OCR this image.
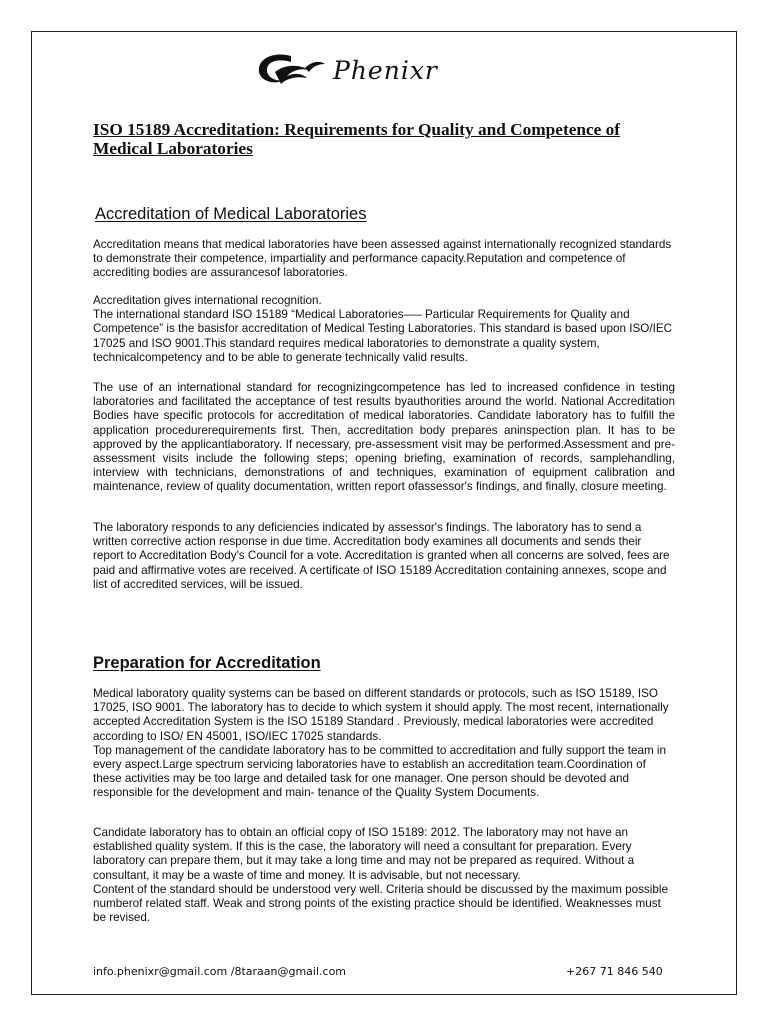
Phenixr
ISO 15189 Accreditation: Requirements for Quality and Competence of Medical Laboratories
Accreditation of Medical Laboratories

Accreditation means that medical laboratories have been assessed against internationally recognized standards to demonstrate their competence, impartiality and performance capacity.Reputation and competence of accrediting bodies are assurancesof laboratories.

Accreditation gives international recognition.
The international standard ISO 15189 “Medical Laboratories—– Particular Requirements for Quality and Competence” is the basisfor accreditation of Medical Testing Laboratories. This standard is based upon ISO/IEC 17025 and ISO 9001.This standard requires medical laboratories to demonstrate a quality system, technicalcompetency and to be able to generate technically valid results.

The use of an international standard for recognizingcompetence has led to increased confidence in testing laboratories and facilitated the acceptance of test results byauthorities around the world. National Accreditation Bodies have specific protocols for accreditation of medical laboratories. Candidate laboratory has to fulfill the application procedurerequirements first. Then, accreditation body prepares aninspection plan. It has to be approved by the applicantlaboratory. If necessary, pre-assessment visit may be performed.Assessment and pre-assessment visits include the following steps; opening briefing, examination of records, samplehandling, interview with technicians, demonstrations of and techniques, examination of equipment calibration and maintenance, review of quality documentation, written report ofassessor's findings, and finally, closure meeting.

The laboratory responds to any deficiencies indicated by assessor's findings. The laboratory has to send a written corrective action response in due time. Accreditation body examines all documents and sends their report to Accreditation Body's Council for a vote. Accreditation is granted when all concerns are solved, fees are paid and affirmative votes are received. A certificate of ISO 15189 Accreditation containing annexes, scope and list of accredited services, will be issued.

Preparation for Accreditation

Medical laboratory quality systems can be based on different standards or protocols, such as ISO 15189, ISO 17025, ISO 9001. The laboratory has to decide to which system it should apply. The most recent, internationally accepted Accreditation System is the ISO 15189 Standard . Previously, medical laboratories were accredited according to ISO/ EN 45001, ISO/IEC 17025 standards.
Top management of the candidate laboratory has to be committed to accreditation and fully support the team in every aspect.Large spectrum servicing laboratories have to establish an accreditation team.Coordination of these activities may be too large and detailed task for one manager. One person should be devoted and responsible for the development and main- tenance of the Quality System Documents.

Candidate laboratory has to obtain an official copy of ISO 15189: 2012. The laboratory may not have an established quality system. If this is the case, the laboratory will need a consultant for preparation. Every laboratory can prepare them, but it may take a long time and may not be prepared as required. Without a consultant, it may be a waste of time and money. It is advisable, but not necessary.
Content of the standard should be understood very well. Criteria should be discussed by the maximum possible numberof related staff. Weak and strong points of the existing practice should be identified. Weaknesses must be revised.

info.phenixr@gmail.com /8taraan@gmail.com	+267 71 846 540
